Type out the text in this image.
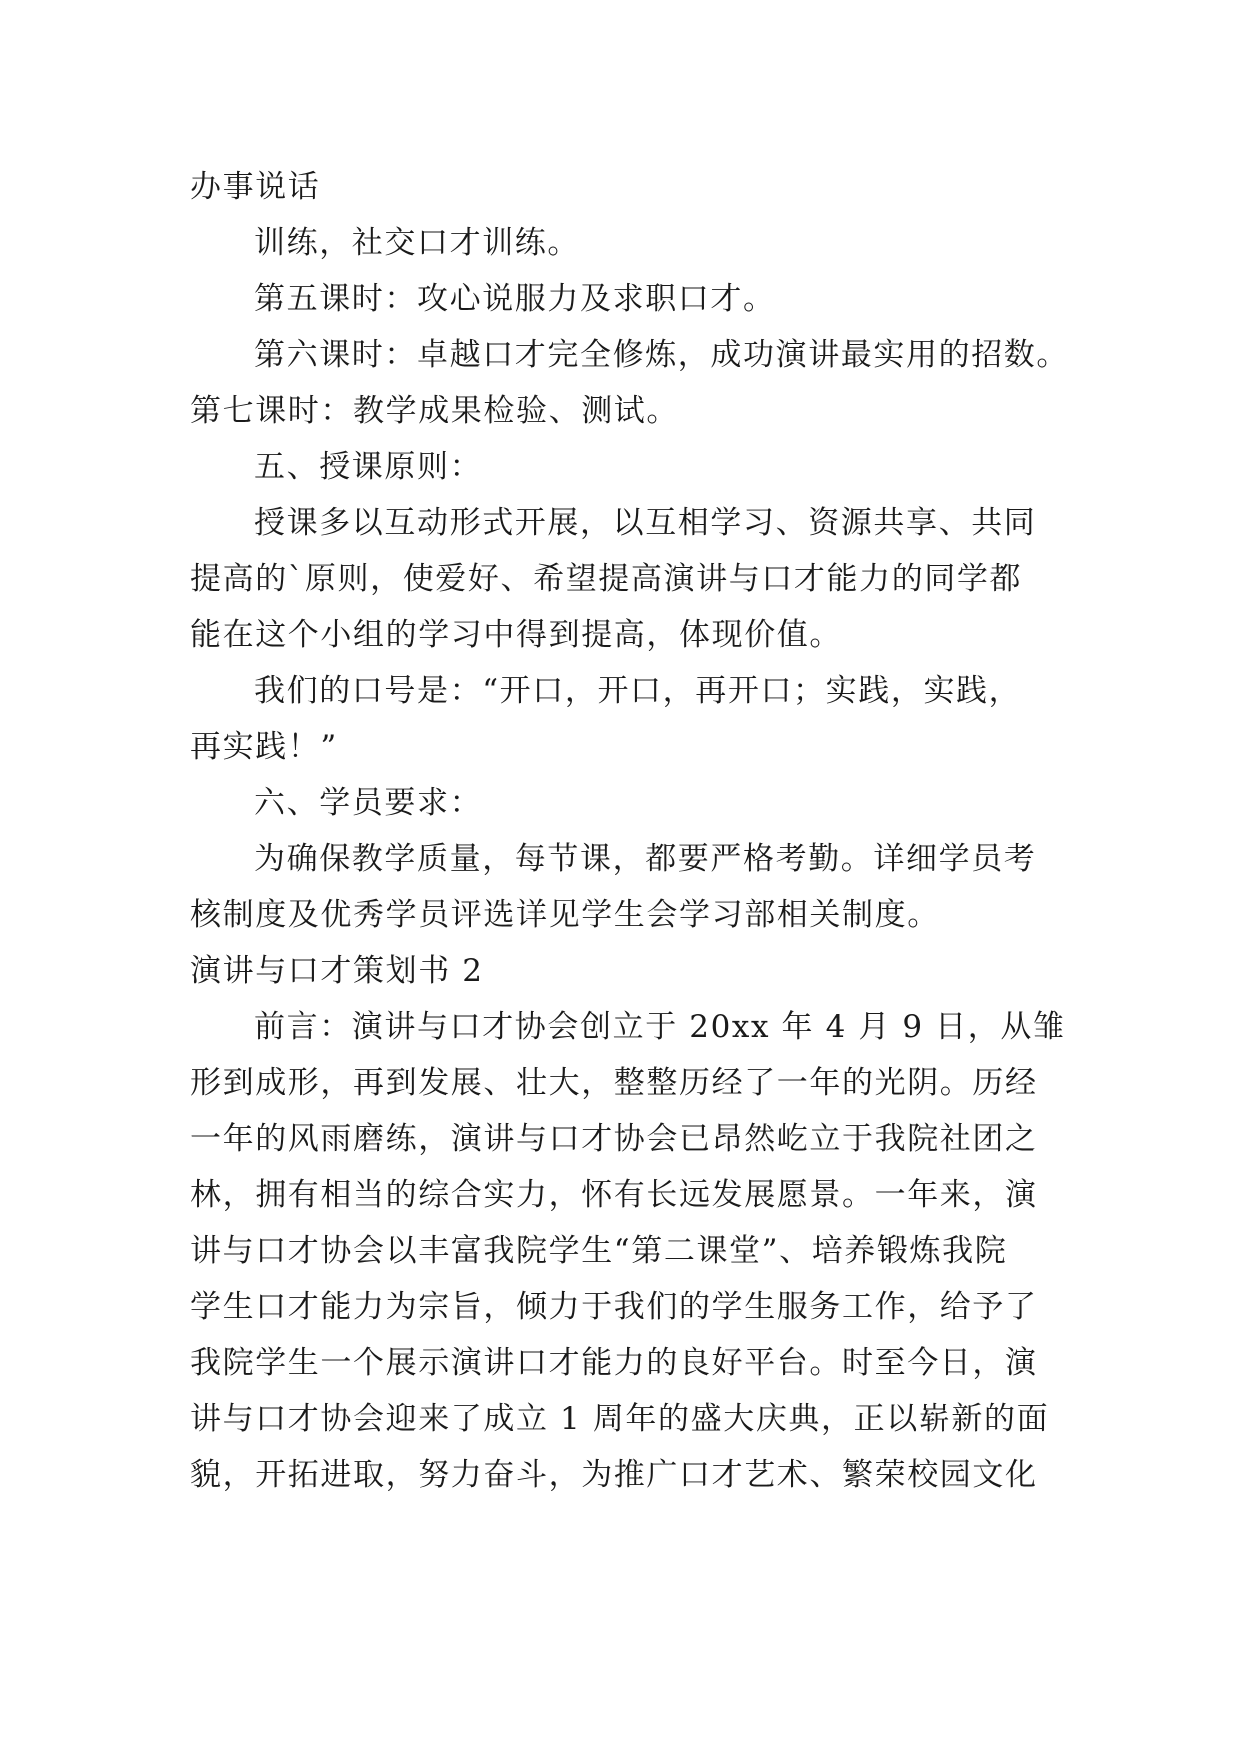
办事说话
训练，社交口才训练。
第五课时：攻心说服力及求职口才。
第六课时：卓越口才完全修炼，成功演讲最实用的招数。
第七课时：教学成果检验、测试。
五、授课原则：
授课多以互动形式开展，以互相学习、资源共享、共同
提高的`原则，使爱好、希望提高演讲与口才能力的同学都
能在这个小组的学习中得到提高，体现价值。
我们的口号是：“开口，开口，再开口；实践，实践，
再实践！”
六、学员要求：
为确保教学质量，每节课，都要严格考勤。详细学员考
核制度及优秀学员评选详见学生会学习部相关制度。
演讲与口才策划书 2
前言：演讲与口才协会创立于 20xx 年 4 月 9 日，从雏
形到成形，再到发展、壮大，整整历经了一年的光阴。历经
一年的风雨磨练，演讲与口才协会已昂然屹立于我院社团之
林，拥有相当的综合实力，怀有长远发展愿景。一年来，演
讲与口才协会以丰富我院学生“第二课堂”、培养锻炼我院
学生口才能力为宗旨，倾力于我们的学生服务工作，给予了
我院学生一个展示演讲口才能力的良好平台。时至今日，演
讲与口才协会迎来了成立 1 周年的盛大庆典，正以崭新的面
貌，开拓进取，努力奋斗，为推广口才艺术、繁荣校园文化
